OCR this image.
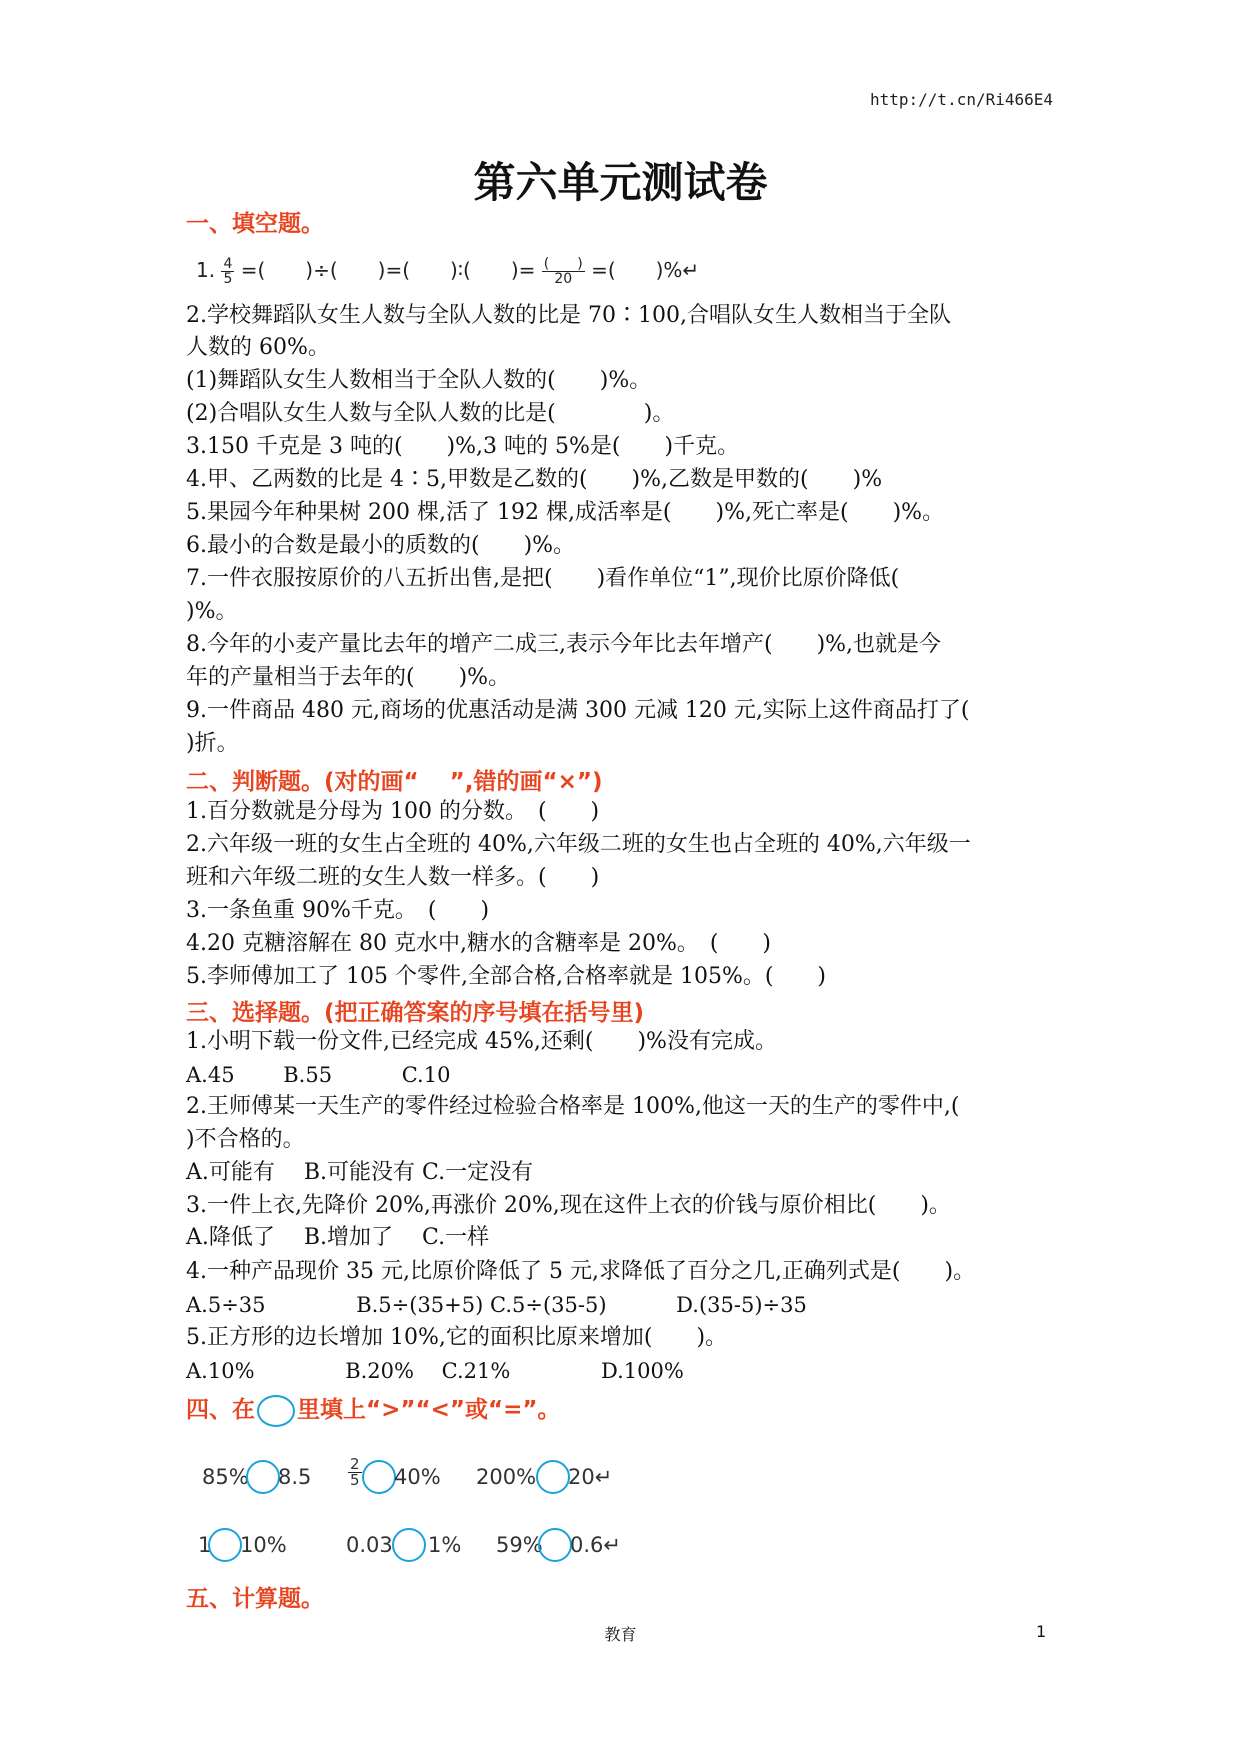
http://t.cn/Ri466E4
第六单元测试卷
一、填空题。
1. $\frac{4}{5}$ =(　　)÷(　　)=(　　)∶(　　)= $\frac{( )}{20}$ =(　　)%↵
2.学校舞蹈队女生人数与全队人数的比是 70∶100,合唱队女生人数相当于全队
人数的 60%。
(1)舞蹈队女生人数相当于全队人数的(　　)%。
(2)合唱队女生人数与全队人数的比是(　　　　)。
3.150 千克是 3 吨的(　　)%,3 吨的 5%是(　　)千克。
4.甲、乙两数的比是 4∶5,甲数是乙数的(　　)%,乙数是甲数的(　　)%
5.果园今年种果树 200 棵,活了 192 棵,成活率是(　　)%,死亡率是(　　)%。
6.最小的合数是最小的质数的(　　)%。
7.一件衣服按原价的八五折出售,是把(　　)看作单位“1”,现价比原价降低(
)%。
8.今年的小麦产量比去年的增产二成三,表示今年比去年增产(　　)%,也就是今
年的产量相当于去年的(　　)%。
9.一件商品 480 元,商场的优惠活动是满 300 元减 120 元,实际上这件商品打了(
)折。
二、判断题。(对的画“　 ”,错的画“×”)
1.百分数就是分母为 100 的分数。　(　　)
2.六年级一班的女生占全班的 40%,六年级二班的女生也占全班的 40%,六年级一
班和六年级二班的女生人数一样多。(　　)
3.一条鱼重 90%千克。　(　　)
4.20 克糖溶解在 80 克水中,糖水的含糖率是 20%。　(　　)
5.李师傅加工了 105 个零件,全部合格,合格率就是 105%。(　　)
三、选择题。(把正确答案的序号填在括号里)
1.小明下载一份文件,已经完成 45%,还剩(　　)%没有完成。
A.45　　 B.55　　　 C.10
2.王师傅某一天生产的零件经过检验合格率是 100%,他这一天的生产的零件中,(
)不合格的。
A.可能有　 B.可能没有 C.一定没有
3.一件上衣,先降价 20%,再涨价 20%,现在这件上衣的价钱与原价相比(　　)。
A.降低了　 B.增加了　 C.一样
4.一种产品现价 35 元,比原价降低了 5 元,求降低了百分之几,正确列式是(　　)。
A.5÷35　　　　 B.5÷(35+5) C.5÷(35-5)　　　 D.(35-5)÷35
5.正方形的边长增加 10%,它的面积比原来增加(　　)。
A.10%　　　　 B.20%　 C.21%　　　　 D.100%
四、在 里填上“>”“<”或“=”。
85% $8.5 \frac{2}{5} 40\%$ 200% 20↵
1 10%	0.03 1% 59% 0.6↵
五、计算题。
教育	1
